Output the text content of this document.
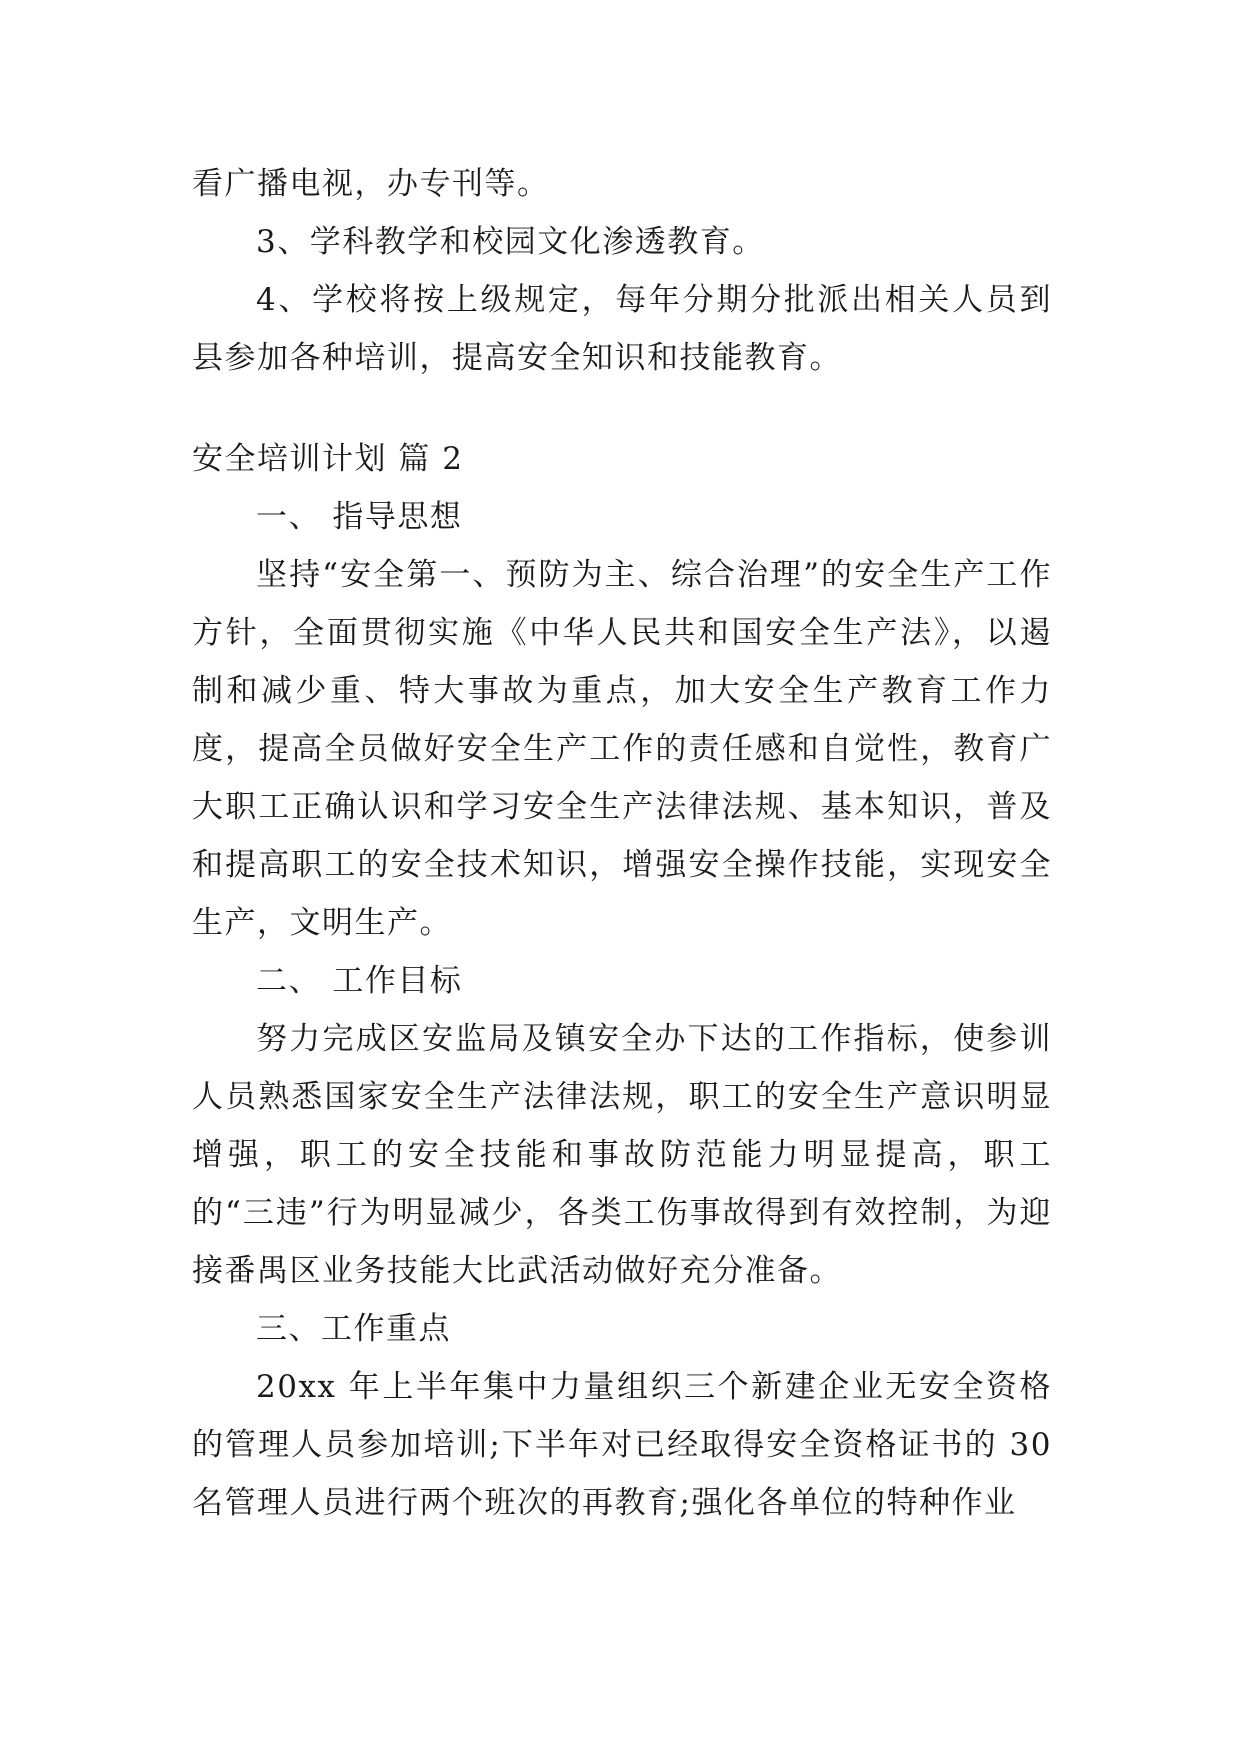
看广播电视，办专刊等。

3、学科教学和校园文化渗透教育。

4、学校将按上级规定，每年分期分批派出相关人员到县参加各种培训，提高安全知识和技能教育。

安全培训计划 篇 2

一、 指导思想

坚持“安全第一、预防为主、综合治理”的安全生产工作方针，全面贯彻实施《中华人民共和国安全生产法》，以遏制和减少重、特大事故为重点，加大安全生产教育工作力度，提高全员做好安全生产工作的责任感和自觉性，教育广大职工正确认识和学习安全生产法律法规、基本知识，普及和提高职工的安全技术知识，增强安全操作技能，实现安全生产，文明生产。

二、 工作目标

努力完成区安监局及镇安全办下达的工作指标，使参训人员熟悉国家安全生产法律法规，职工的安全生产意识明显增强，职工的安全技能和事故防范能力明显提高，职工的“三违”行为明显减少，各类工伤事故得到有效控制，为迎接番禺区业务技能大比武活动做好充分准备。

三、工作重点

20xx 年上半年集中力量组织三个新建企业无安全资格的管理人员参加培训;下半年对已经取得安全资格证书的 30 名管理人员进行两个班次的再教育;强化各单位的特种作业
